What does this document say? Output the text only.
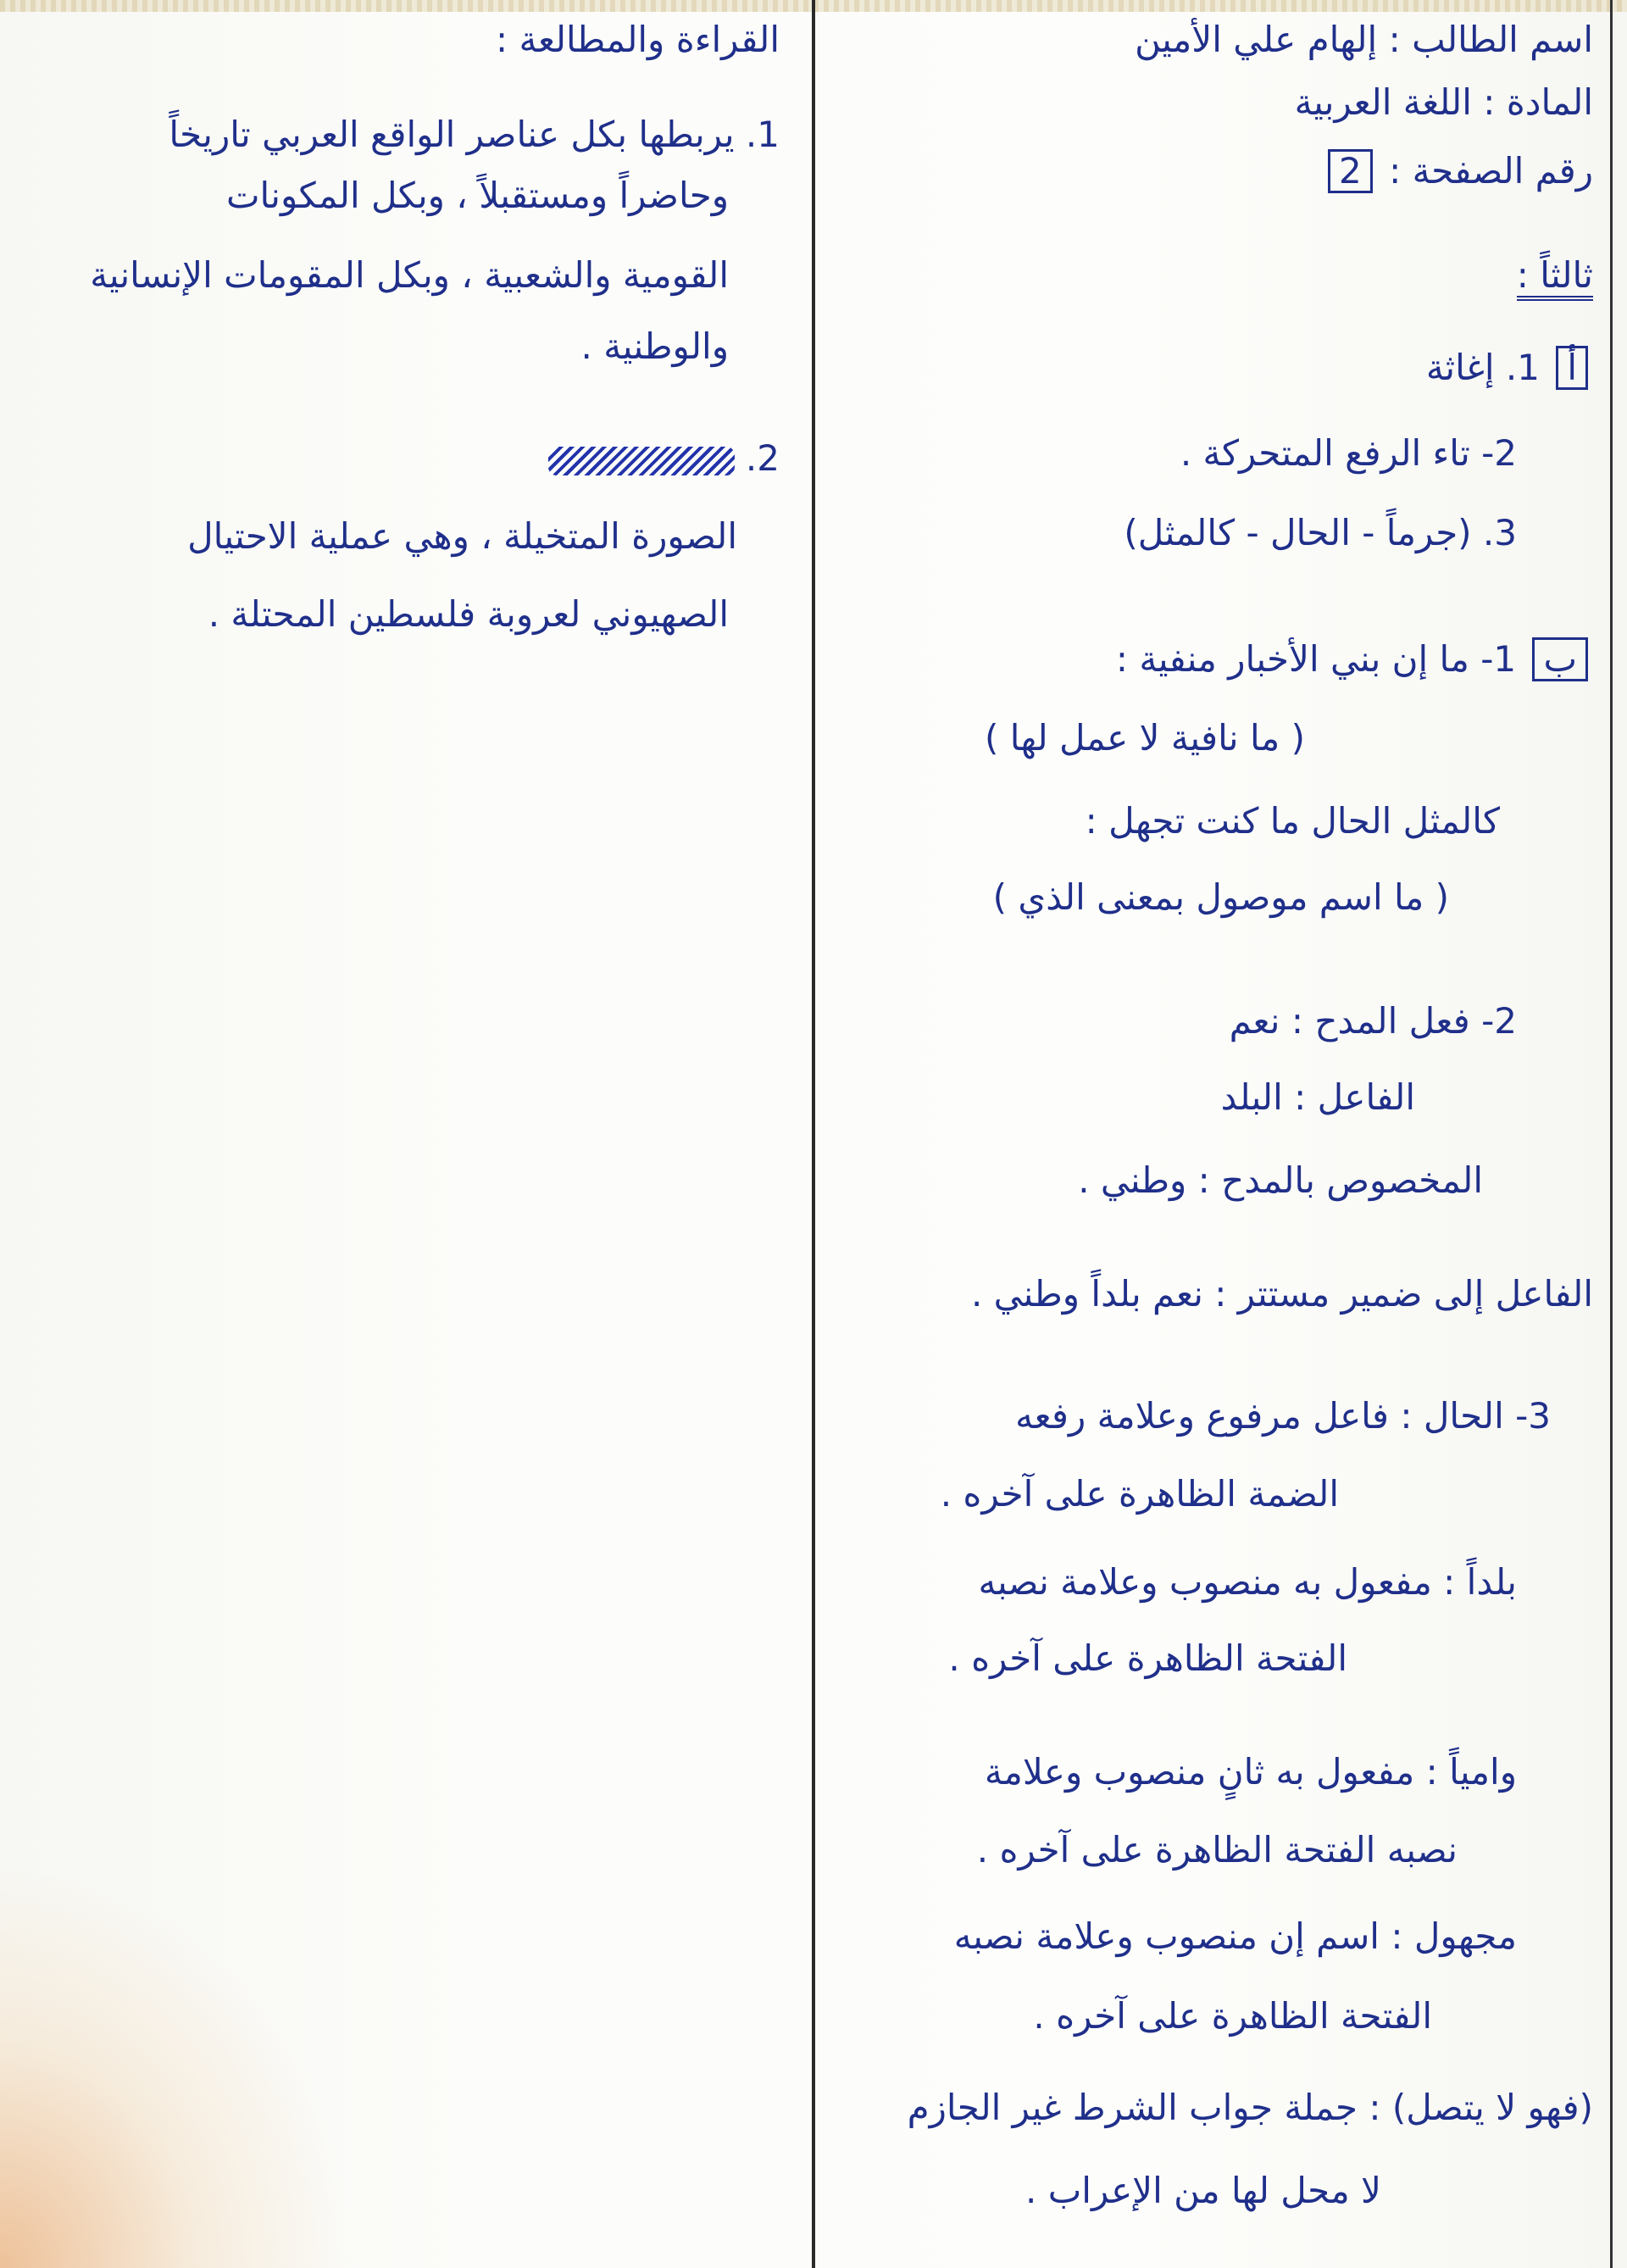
اسم الطالب : إلهام علي الأمين
المادة : اللغة العربية
رقم الصفحة : 2
ثالثاً :
أ 1. إغاثة
2- تاء الرفع المتحركة .
3. (جرماً - الحال - كالمثل)
ب 1- ما إن بني الأخبار منفية :
( ما نافية لا عمل لها )
كالمثل الحال ما كنت تجهل :
( ما اسم موصول بمعنى الذي )
2- فعل المدح : نعم
الفاعل : البلد
المخصوص بالمدح : وطني .
الفاعل إلى ضمير مستتر : نعم بلداً وطني .
3- الحال : فاعل مرفوع وعلامة رفعه
الضمة الظاهرة على آخره .
بلداً : مفعول به منصوب وعلامة نصبه
الفتحة الظاهرة على آخره .
وامياً : مفعول به ثانٍ منصوب وعلامة
نصبه الفتحة الظاهرة على آخره .
مجهول : اسم إن منصوب وعلامة نصبه
الفتحة الظاهرة على آخره .
(فهو لا يتصل) : جملة جواب الشرط غير الجازم
لا محل لها من الإعراب .
القراءة والمطالعة :
1. يربطها بكل عناصر الواقع العربي تاريخاً
وحاضراً ومستقبلاً ، وبكل المكونات
القومية والشعبية ، وبكل المقومات الإنسانية
والوطنية .
2.
الصورة المتخيلة ، وهي عملية الاحتيال
الصهيوني لعروبة فلسطين المحتلة .
